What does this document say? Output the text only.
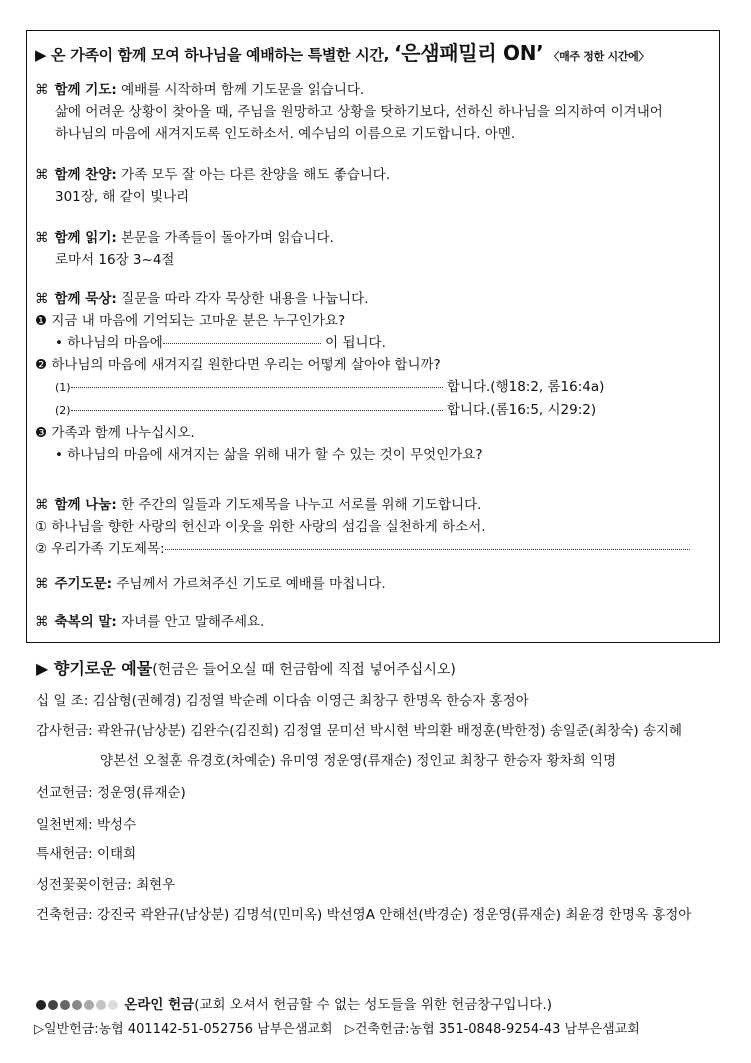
▶ 온 가족이 함께 모여 하나님을 예배하는 특별한 시간, ‘은샘패밀리 ON’ 〈매주 정한 시간에〉
⌘ 함께 기도: 예배를 시작하며 함께 기도문을 읽습니다.
삶에 어려운 상황이 찾아올 때, 주님을 원망하고 상황을 탓하기보다, 선하신 하나님을 의지하여 이겨내어
하나님의 마음에 새겨지도록 인도하소서. 예수님의 이름으로 기도합니다. 아멘.
⌘ 함께 찬양: 가족 모두 잘 아는 다른 찬양을 해도 좋습니다.
301장, 해 같이 빛나리
⌘ 함께 읽기: 본문을 가족들이 돌아가며 읽습니다.
로마서 16장 3~4절
⌘ 함께 묵상: 질문을 따라 각자 묵상한 내용을 나눕니다.
❶ 지금 내 마음에 기억되는 고마운 분은 누구인가요?
• 하나님의 마음에	이 됩니다.
❷ 하나님의 마음에 새겨지길 원한다면 우리는 어떻게 살아야 합니까?
(1)	합니다.(행18:2, 롬16:4a)
(2)	합니다.(롬16:5, 시29:2)
❸ 가족과 함께 나누십시오.
• 하나님의 마음에 새겨지는 삶을 위해 내가 할 수 있는 것이 무엇인가요?
⌘ 함께 나눔: 한 주간의 일들과 기도제목을 나누고 서로를 위해 기도합니다.
① 하나님을 향한 사랑의 헌신과 이웃을 위한 사랑의 섬김을 실천하게 하소서.
② 우리가족 기도제목:
⌘ 주기도문: 주님께서 가르쳐주신 기도로 예배를 마칩니다.
⌘ 축복의 말: 자녀를 안고 말해주세요.
▶ 향기로운 예물(헌금은 들어오실 때 헌금함에 직접 넣어주십시오)
십 일 조: 김삼형(권혜경) 김정열 박순례 이다솜 이영근 최창구 한명옥 한승자 홍정아
감사헌금: 곽완규(남상분) 김완수(김진희) 김정열 문미선 박시현 박의환 배정훈(박한정) 송일준(최창숙) 송지혜
양본선 오철훈 유경호(차예순) 유미영 정운영(류재순) 정인교 최창구 한승자 황차희 익명
선교헌금: 정운영(류재순)
일천번제: 박성수
특새헌금: 이태희
성전꽃꽂이헌금: 최현우
건축헌금: 강진국 곽완규(남상분) 김명석(민미옥) 박선영A 안해선(박경순) 정운영(류재순) 최윤경 한명옥 홍정아
온라인 헌금(교회 오셔서 헌금할 수 없는 성도들을 위한 헌금창구입니다.)
▷일반헌금:농협 401142-51-052756 남부은샘교회 ▷건축헌금:농협 351-0848-9254-43 남부은샘교회
